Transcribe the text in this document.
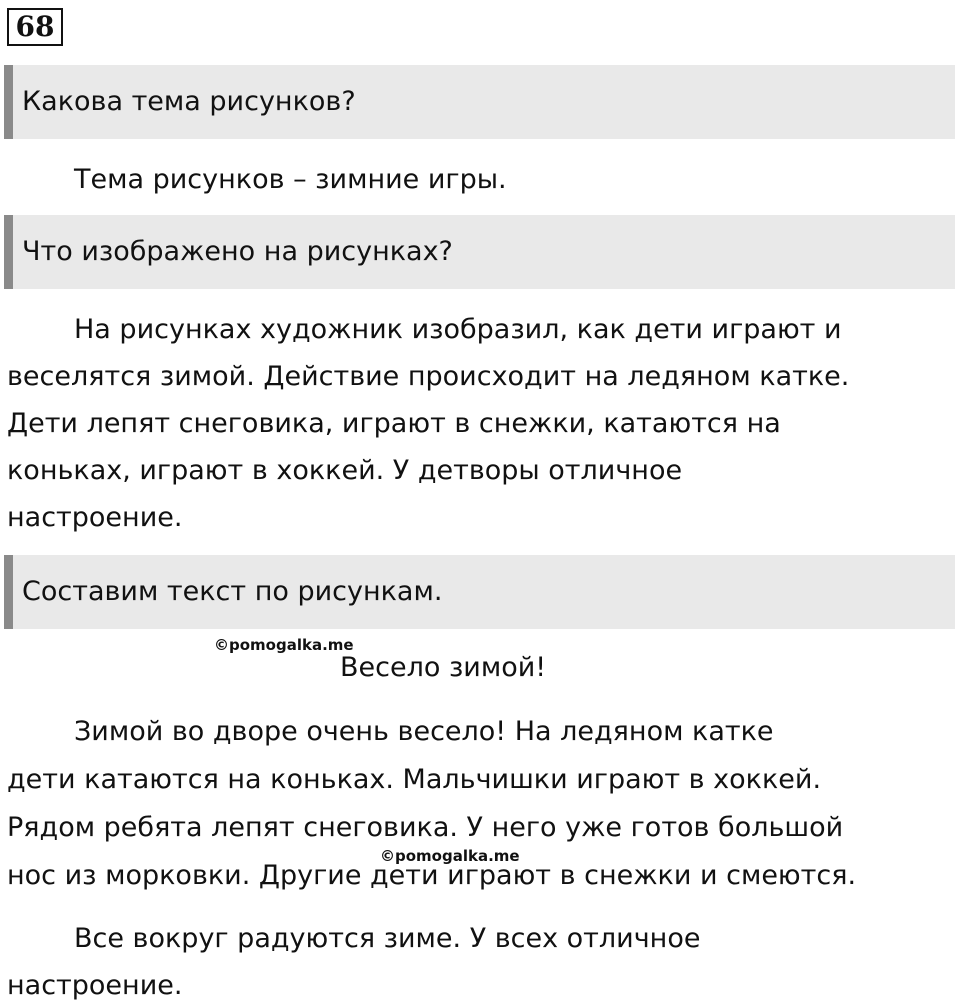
68
Какова тема рисунков?
Тема рисунков – зимние игры.
Что изображено на рисунках?
На рисунках художник изобразил, как дети играют и
веселятся зимой. Действие происходит на ледяном катке.
Дети лепят снеговика, играют в снежки, катаются на
коньках, играют в хоккей. У детворы отличное
настроение.
Составим текст по рисункам.
©pomogalka.me
Весело зимой!
Зимой во дворе очень весело! На ледяном катке
дети катаются на коньках. Мальчишки играют в хоккей.
Рядом ребята лепят снеговика. У него уже готов большой
нос из морковки. Другие дети играют в снежки и смеются.
©pomogalka.me
Все вокруг радуются зиме. У всех отличное
настроение.
